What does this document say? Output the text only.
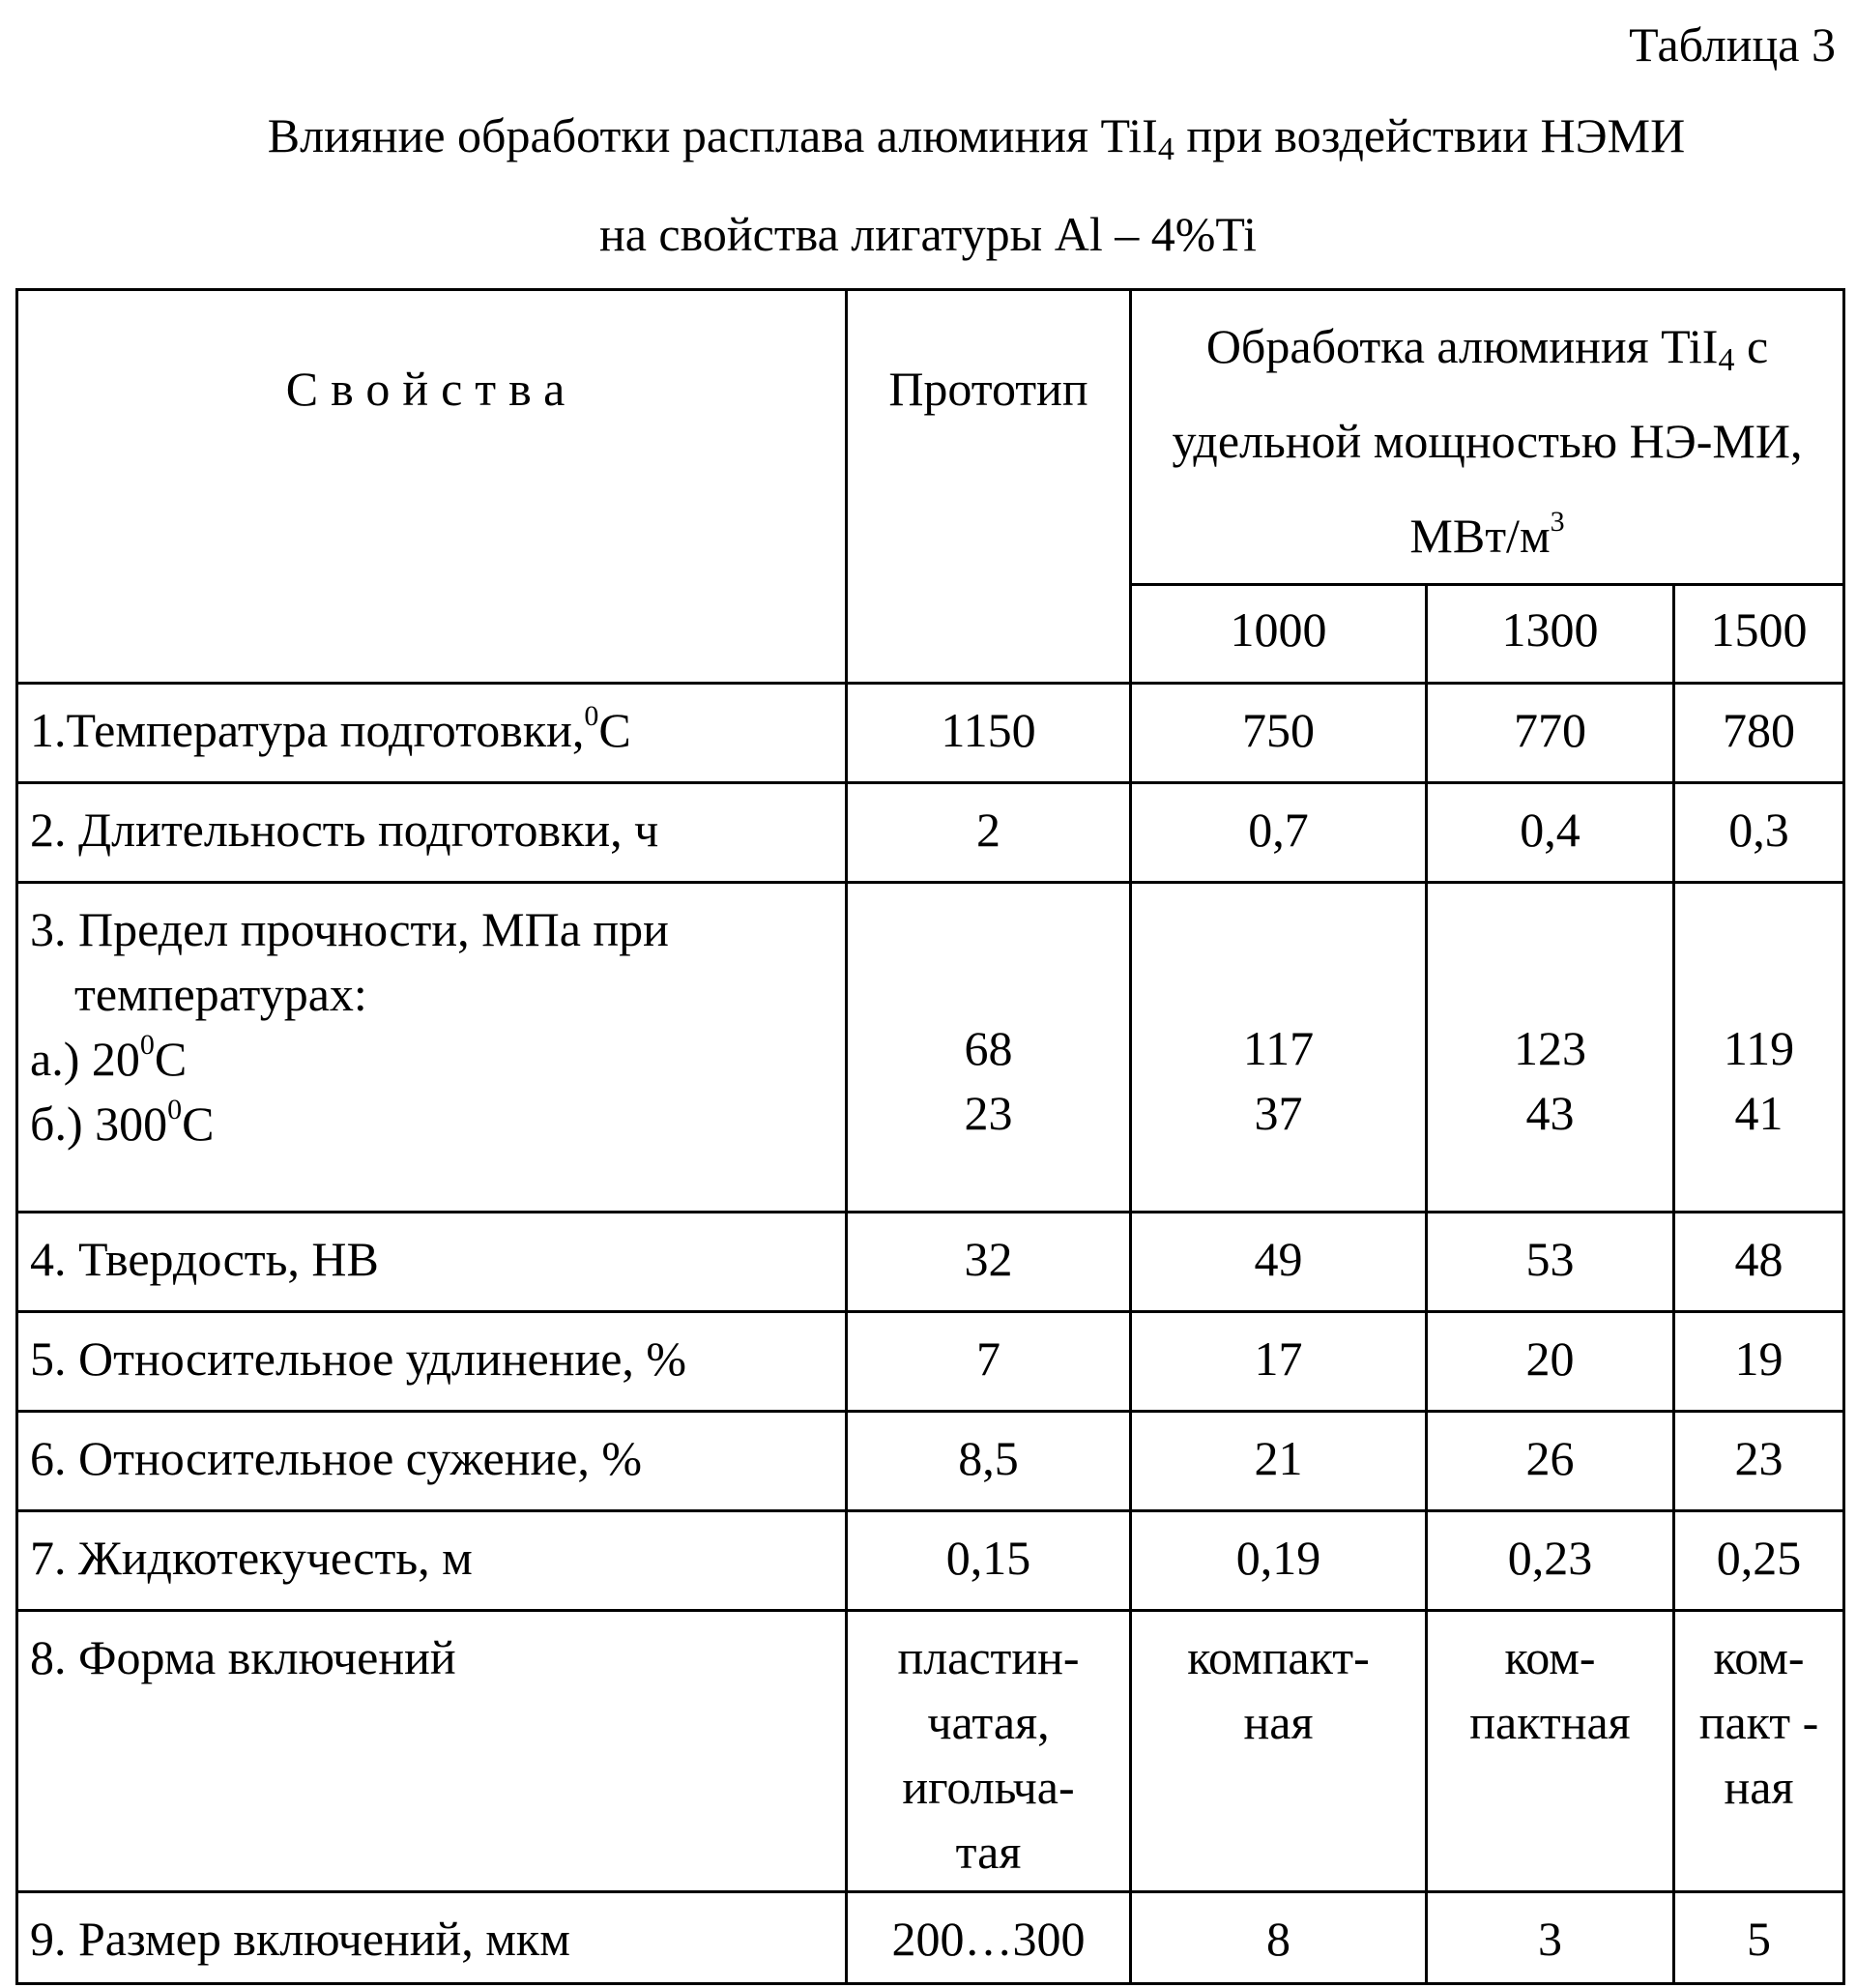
Таблица 3
Влияние обработки расплава алюминия TiI4 при воздействии НЭМИ
на свойства лигатуры Al – 4%Ti
Свойства	Прототип	Обработка алюминия TiI4 с удельной мощностью НЭ-МИ, МВт/м3
1000	1300	1500
1.Температура подготовки,0С	1150	750	770	780
2. Длительность подготовки, ч	2	0,7	0,4	0,3

3. Предел прочности, МПа при
температурах:
а.) 200С
б.) 3000С

68
23

117
37

123
43

119
41

4. Твердость, НВ	32	49	53	48
5. Относительное удлинение, %	7	17	20	19
6. Относительное сужение, %	8,5	21	26	23
7. Жидкотекучесть, м	0,15	0,19	0,23	0,25
8. Форма включений	пластин-
чатая,
игольча-
тая

компакт-
ная

ком-
пактная

ком-
пакт -
ная

9. Размер включений, мкм	200…300	8	3	5
